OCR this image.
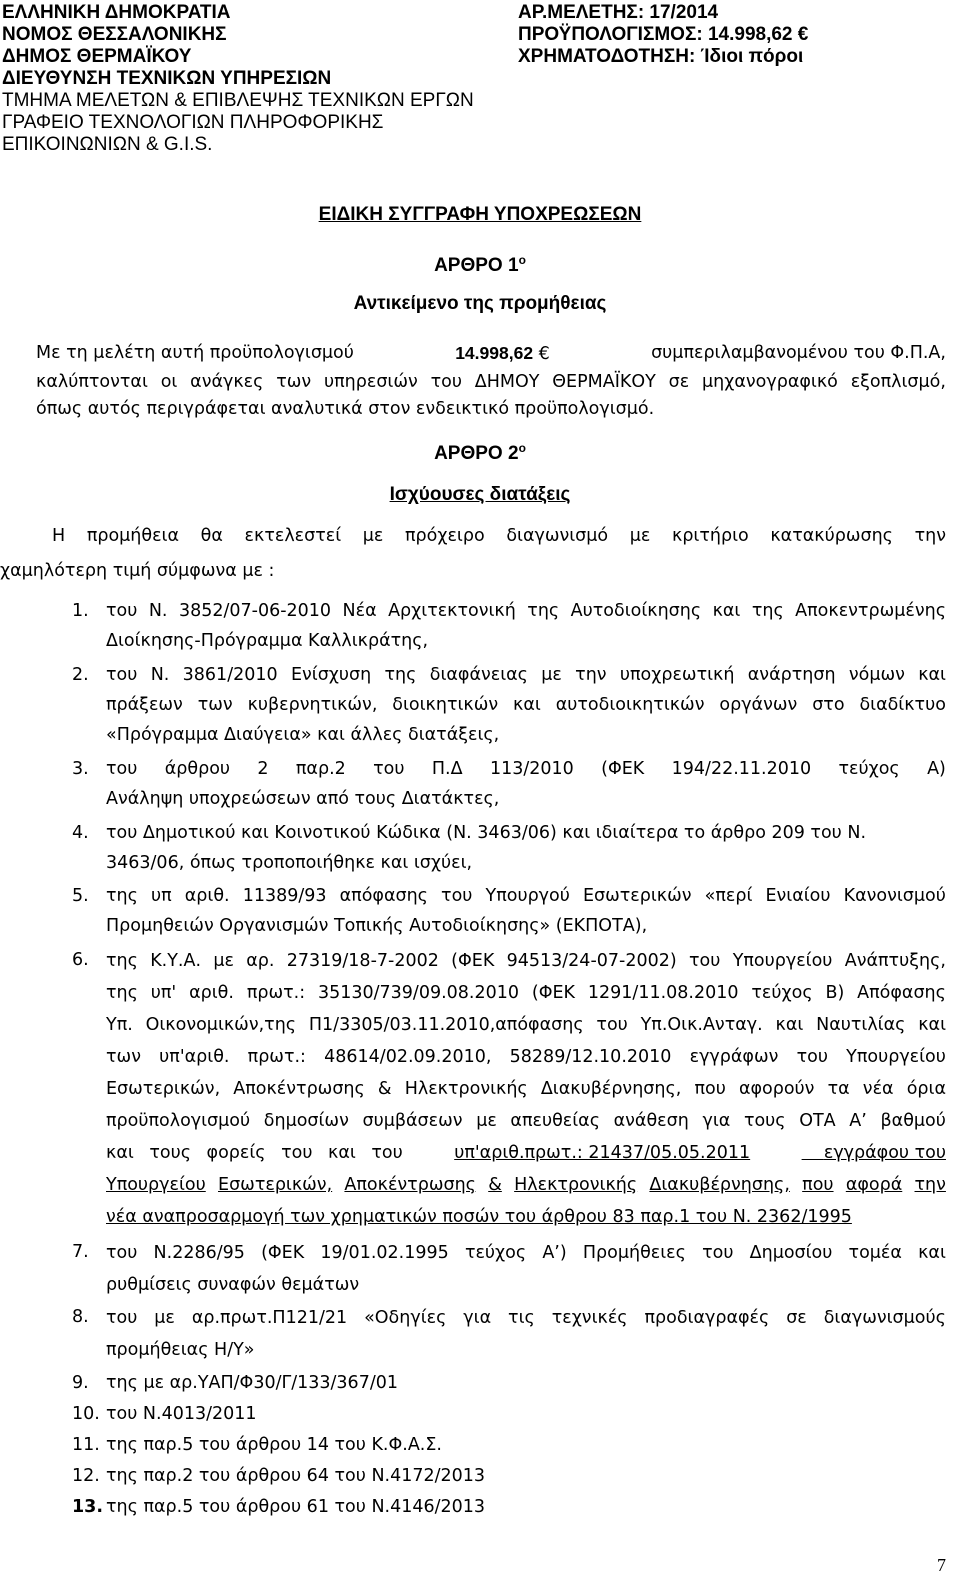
ΕΛΛΗΝΙΚΗ ΔΗΜΟΚΡΑΤΙΑ
ΝΟΜΟΣ ΘΕΣΣΑΛΟΝΙΚΗΣ
ΔΗΜΟΣ ΘΕΡΜΑΪΚΟΥ
ΔΙΕΥΘΥΝΣΗ ΤΕΧΝΙΚΩΝ ΥΠΗΡΕΣΙΩΝ
ΤΜΗΜΑ ΜΕΛΕΤΩΝ & ΕΠΙΒΛΕΨΗΣ ΤΕΧΝΙΚΩΝ ΕΡΓΩΝ
ΓΡΑΦΕΙΟ ΤΕΧΝΟΛΟΓΙΩΝ ΠΛΗΡΟΦΟΡΙΚΗΣ
ΕΠΙΚΟΙΝΩΝΙΩΝ & G.I.S.
ΑΡ.ΜΕΛΕΤΗΣ: 17/2014
ΠΡΟΫΠΟΛΟΓΙΣΜΟΣ: 14.998,62 €
ΧΡΗΜΑΤΟΔΟΤΗΣΗ: Ίδιοι πόροι
ΕΙΔΙΚΗ ΣΥΓΓΡΑΦΗ ΥΠΟΧΡΕΩΣΕΩΝ
ΑΡΘΡΟ $1^o$
Αντικείμενο της προμήθειας
Με τη μελέτη αυτή προϋπολογισμού	14.998,62 €	συμπεριλαμβανομένου του Φ.Π.Α,
καλύπτονται οι ανάγκες των υπηρεσιών του ΔΗΜΟΥ ΘΕΡΜΑΪΚΟΥ σε μηχανογραφικό εξοπλισμό,
όπως αυτός περιγράφεται αναλυτικά στον ενδεικτικό προϋπολογισμό.
ΑΡΘΡΟ $2^o$
Ισχύουσες διατάξεις
Η προμήθεια θα εκτελεστεί με πρόχειρο διαγωνισμό με κριτήριο κατακύρωσης την
χαμηλότερη τιμή σύμφωνα με :
1. του Ν. 3852/07-06-2010 Νέα Αρχιτεκτονική της Αυτοδιοίκησης και της Αποκεντρωμένης
Διοίκησης-Πρόγραμμα Καλλικράτης,
2. του Ν. 3861/2010 Ενίσχυση της διαφάνειας με την υποχρεωτική ανάρτηση νόμων και
πράξεων των κυβερνητικών, διοικητικών και αυτοδιοικητικών οργάνων στο διαδίκτυο
«Πρόγραμμα Διαύγεια» και άλλες διατάξεις,
3. του άρθρου 2 παρ.2 του Π.Δ 113/2010 (ΦΕΚ 194/22.11.2010 τεύχος Α)
Ανάληψη υποχρεώσεων από τους Διατάκτες,
4. του Δημοτικού και Κοινοτικού Κώδικα (Ν. 3463/06) και ιδιαίτερα το άρθρο 209 του Ν.
3463/06, όπως τροποποιήθηκε και ισχύει,
5. της υπ αριθ. 11389/93 απόφασης του Υπουργού Εσωτερικών «περί Ενιαίου Κανονισμού
Προμηθειών Οργανισμών Τοπικής Αυτοδιοίκησης» (ΕΚΠΟΤΑ),
6. της Κ.Υ.Α. με αρ. 27319/18-7-2002 (ΦΕΚ 94513/24-07-2002) του Υπουργείου Ανάπτυξης,
της υπ' αριθ. πρωτ.: 35130/739/09.08.2010 (ΦΕΚ 1291/11.08.2010 τεύχος Β) Απόφασης
Υπ. Οικονομικών,της Π1/3305/03.11.2010,απόφασης του Υπ.Οικ.Ανταγ. και Ναυτιλίας και
των υπ'αριθ. πρωτ.: 48614/02.09.2010, 58289/12.10.2010 εγγράφων του Υπουργείου
Εσωτερικών, Αποκέντρωσης & Ηλεκτρονικής Διακυβέρνησης, που αφορούν τα νέα όρια
προϋπολογισμού δημοσίων συμβάσεων με απευθείας ανάθεση για τους ΟΤΑ Α’ βαθμού
και τους φορείς του και του	υπ'αριθ.πρωτ.: 21437/05.05.2011	εγγράφου του
Υπουργείου Εσωτερικών, Αποκέντρωσης & Ηλεκτρονικής Διακυβέρνησης, που αφορά την
νέα αναπροσαρμογή των χρηματικών ποσών του άρθρου 83 παρ.1 του Ν. 2362/1995
7. του Ν.2286/95 (ΦΕΚ 19/01.02.1995 τεύχος Α’) Προμήθειες του Δημοσίου τομέα και
ρυθμίσεις συναφών θεμάτων
8. του με αρ.πρωτ.Π121/21 «Οδηγίες για τις τεχνικές προδιαγραφές σε διαγωνισμούς
προμήθειας Η/Υ»
9. της με αρ.ΥΑΠ/Φ30/Γ/133/367/01
10. του Ν.4013/2011
11. της παρ.5 του άρθρου 14 του Κ.Φ.Α.Σ.
12. της παρ.2 του άρθρου 64 του Ν.4172/2013
13. της παρ.5 του άρθρου 61 του Ν.4146/2013
7
